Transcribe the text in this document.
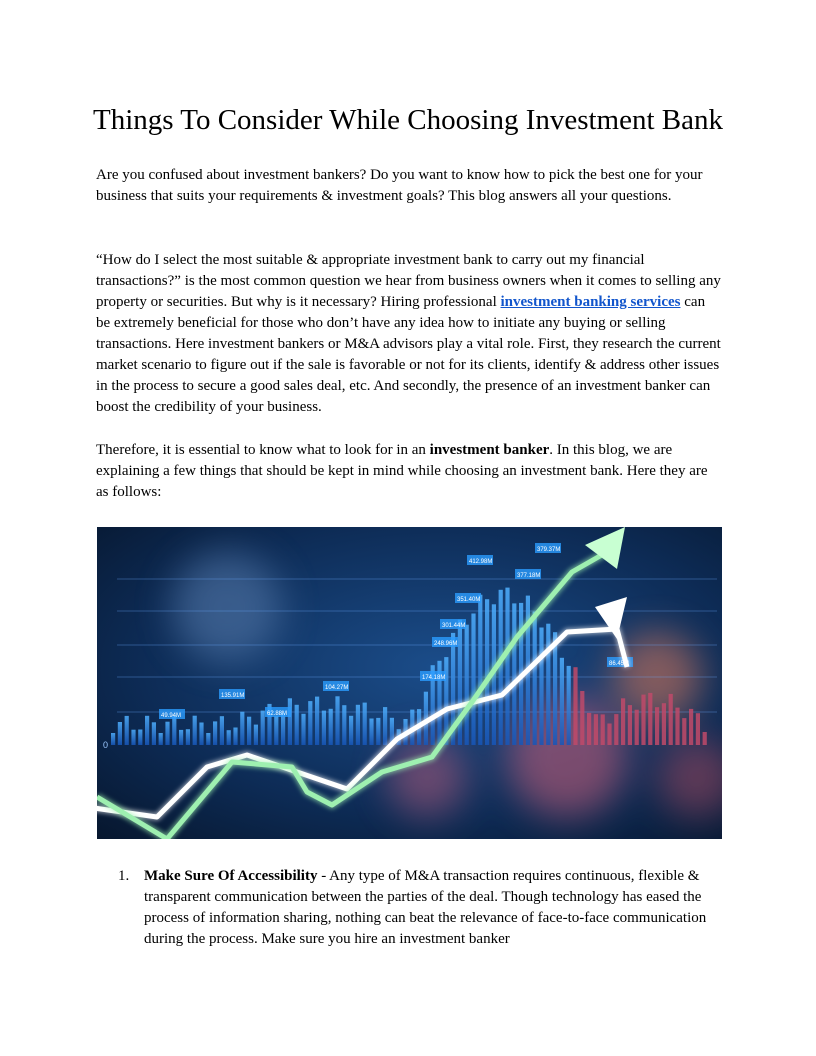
Things To Consider While Choosing Investment Bank

Are you confused about investment bankers? Do you want to know how to pick the best one for your business that suits your requirements & investment goals? This blog answers all your questions.

“How do I select the most suitable & appropriate investment bank to carry out my financial transactions?” is the most common question we hear from business owners when it comes to selling any property or securities. But why is it necessary? Hiring professional investment banking services can be extremely beneficial for those who don’t have any idea how to initiate any buying or selling transactions. Here investment bankers or M&A advisors play a vital role. First, they research the current market scenario to figure out if the sale is favorable or not for its clients, identify & address other issues in the process to secure a good sales deal, etc. And secondly, the presence of an investment banker can boost the credibility of your business.

Therefore, it is essential to know what to look for in an investment banker. In this blog, we are explaining a few things that should be kept in mind while choosing an investment bank. Here they are as follows:

379.37M
412.98M
377.18M
351.40M
301.44M
248.96M
174.18M
135.91M
104.27M
86.45M
62.88M
49.94M
0
1. Make Sure Of Accessibility - Any type of M&A transaction requires continuous, flexible & transparent communication between the parties of the deal. Though technology has eased the process of information sharing, nothing can beat the relevance of face-to-face communication during the process. Make sure you hire an investment banker
